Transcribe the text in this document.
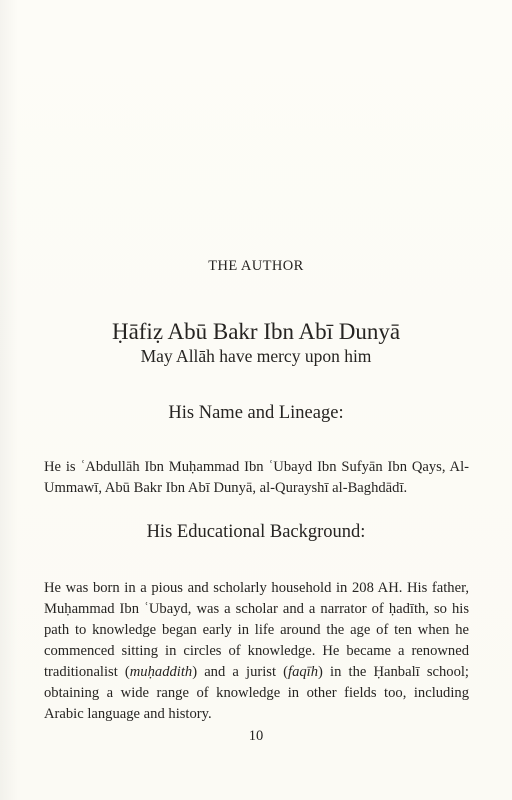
THE AUTHOR
Ḥāfiẓ Abū Bakr Ibn Abī Dunyā
May Allāh have mercy upon him
His Name and Lineage:

He is ʿAbdullāh Ibn Muḥammad Ibn ʿUbayd Ibn Sufyān Ibn Qays, Al-Ummawī, Abū Bakr Ibn Abī Dunyā, al-Qurayshī al-Baghdādī.

His Educational Background:

He was born in a pious and scholarly household in 208 AH. His father, Muḥammad Ibn ʿUbayd, was a scholar and a narrator of ḥadīth, so his path to knowledge began early in life around the age of ten when he commenced sitting in circles of knowledge. He became a renowned traditionalist (muḥaddith) and a jurist (faqīh) in the Ḥanbalī school; obtaining a wide range of knowledge in other fields too, including Arabic language and history.

10
